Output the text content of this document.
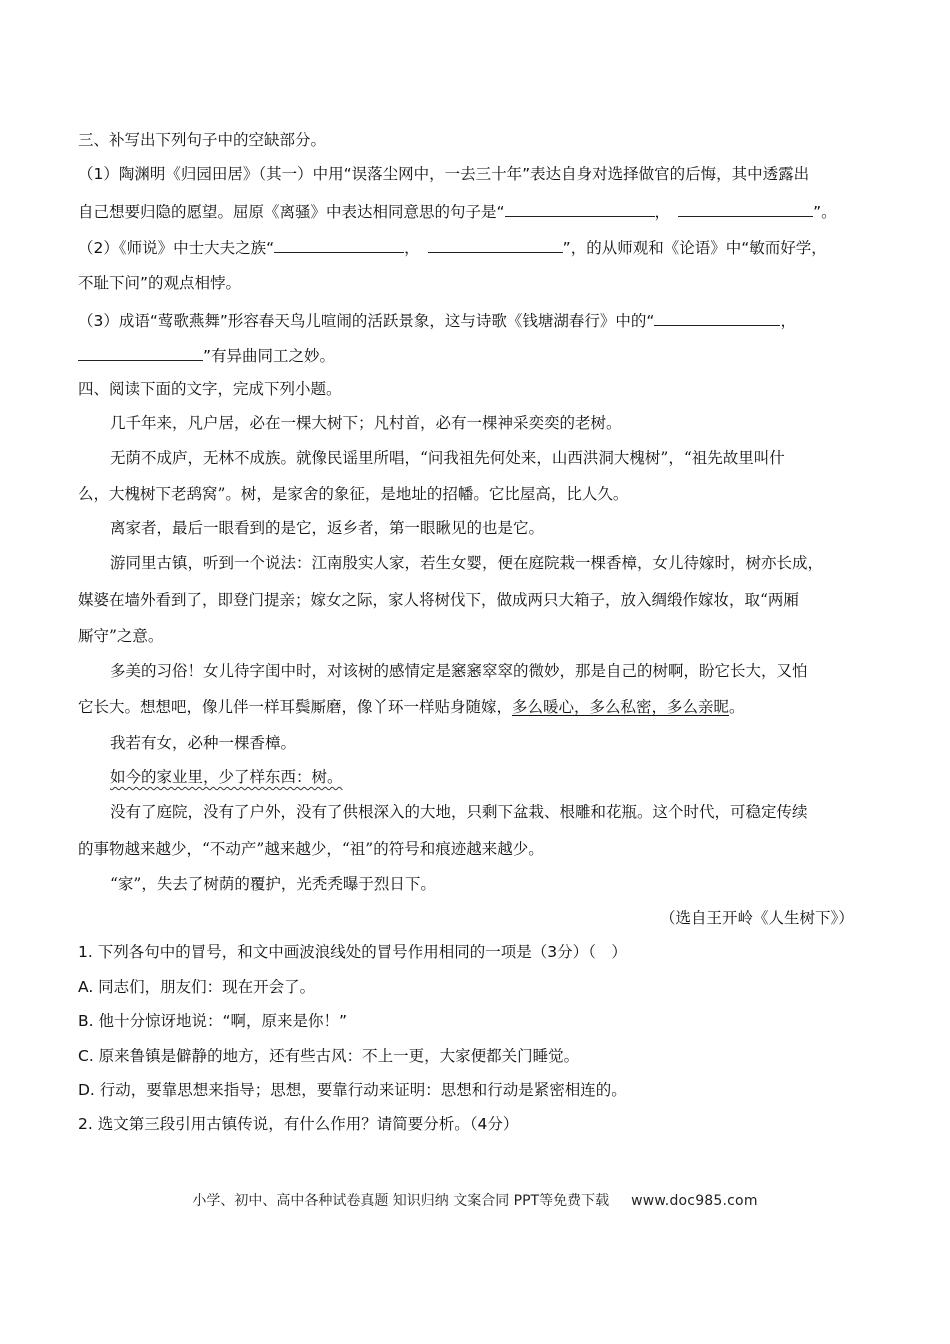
三、补写出下列句子中的空缺部分。
（1）陶渊明《归园田居》（其一）中用“误落尘网中，一去三十年”表达自身对选择做官的后悔，其中透露出
自己想要归隐的愿望。屈原《离骚》中表达相同意思的句子是“	，	”。
（2）《师说》中士大夫之族“	，	”，的从师观和《论语》中“敏而好学，
不耻下问”的观点相悖。
（3）成语“莺歌燕舞”形容春天鸟儿喧闹的活跃景象，这与诗歌《钱塘湖春行》中的“	，
”有异曲同工之妙。
四、阅读下面的文字，完成下列小题。
几千年来，凡户居，必在一棵大树下；凡村首，必有一棵神采奕奕的老树。
无荫不成庐，无林不成族。就像民谣里所唱，“问我祖先何处来，山西洪洞大槐树”，“祖先故里叫什
么，大槐树下老鸹窝”。树，是家舍的象征，是地址的招幡。它比屋高，比人久。
离家者，最后一眼看到的是它，返乡者，第一眼瞅见的也是它。
游同里古镇，听到一个说法：江南殷实人家，若生女婴，便在庭院栽一棵香樟，女儿待嫁时，树亦长成，
媒婆在墙外看到了，即登门提亲；嫁女之际，家人将树伐下，做成两只大箱子，放入绸缎作嫁妆，取“两厢
厮守”之意。
多美的习俗！女儿待字闺中时，对该树的感情定是窸窸窣窣的微妙，那是自己的树啊，盼它长大，又怕
它长大。想想吧，像儿伴一样耳鬓厮磨，像丫环一样贴身随嫁，多么暖心，多么私密，多么亲昵。
我若有女，必种一棵香樟。
如今的家业里，少了样东西：树。
没有了庭院，没有了户外，没有了供根深入的大地，只剩下盆栽、根雕和花瓶。这个时代，可稳定传续
的事物越来越少，“不动产”越来越少，“祖”的符号和痕迹越来越少。
“家”，失去了树荫的覆护，光秃秃曝于烈日下。
（选自王开岭《人生树下》）
1. 下列各句中的冒号，和文中画波浪线处的冒号作用相同的一项是（3分）（　）
A. 同志们，朋友们：现在开会了。
B. 他十分惊讶地说：“啊，原来是你！”
C. 原来鲁镇是僻静的地方，还有些古风：不上一更，大家便都关门睡觉。
D. 行动，要靠思想来指导；思想，要靠行动来证明：思想和行动是紧密相连的。
2. 选文第三段引用古镇传说，有什么作用？请简要分析。（4分）
小学、初中、高中各种试卷真题 知识归纳 文案合同 PPT等免费下载 www.doc985.com
